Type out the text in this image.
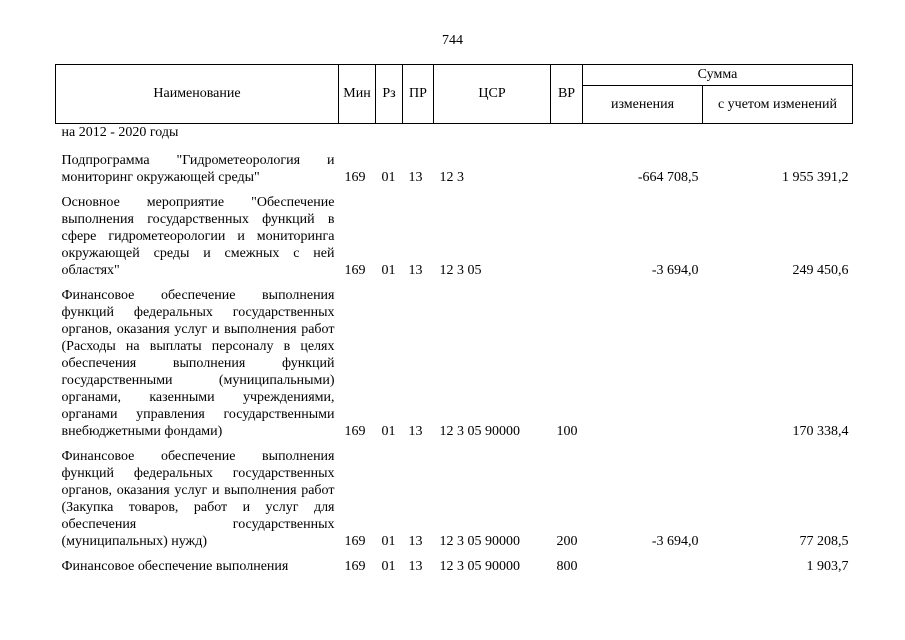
744
Наименование	Мин	Рз	ПР	ЦСР	ВР	Сумма	
						изменения	с учетом изменений
на 2012 - 2020 годы							

Подпрограмма "Гидрометеорология и мониторинг окружающей среды"	169	01	13	12 3		-664 708,5	1 955 391,2

Основное мероприятие "Обеспечение выполнения государственных функций в сфере гидрометеорологии и мониторинга окружающей среды и смежных с ней областях"	169	01	13	12 3 05		-3 694,0	249 450,6

Финансовое обеспечение выполнения функций федеральных государственных органов, оказания услуг и выполнения работ (Расходы на выплаты персоналу в целях обеспечения выполнения функций государственными (муниципальными) органами, казенными учреждениями, органами управления государственными внебюджетными фондами)	169	01	13	12 3 05 90000	100		170 338,4

Финансовое обеспечение выполнения функций федеральных государственных органов, оказания услуг и выполнения работ (Закупка товаров, работ и услуг для обеспечения государственных (муниципальных) нужд)	169	01	13	12 3 05 90000	200	-3 694,0	77 208,5

Финансовое обеспечение выполнения	169	01	13	12 3 05 90000	800		1 903,7
